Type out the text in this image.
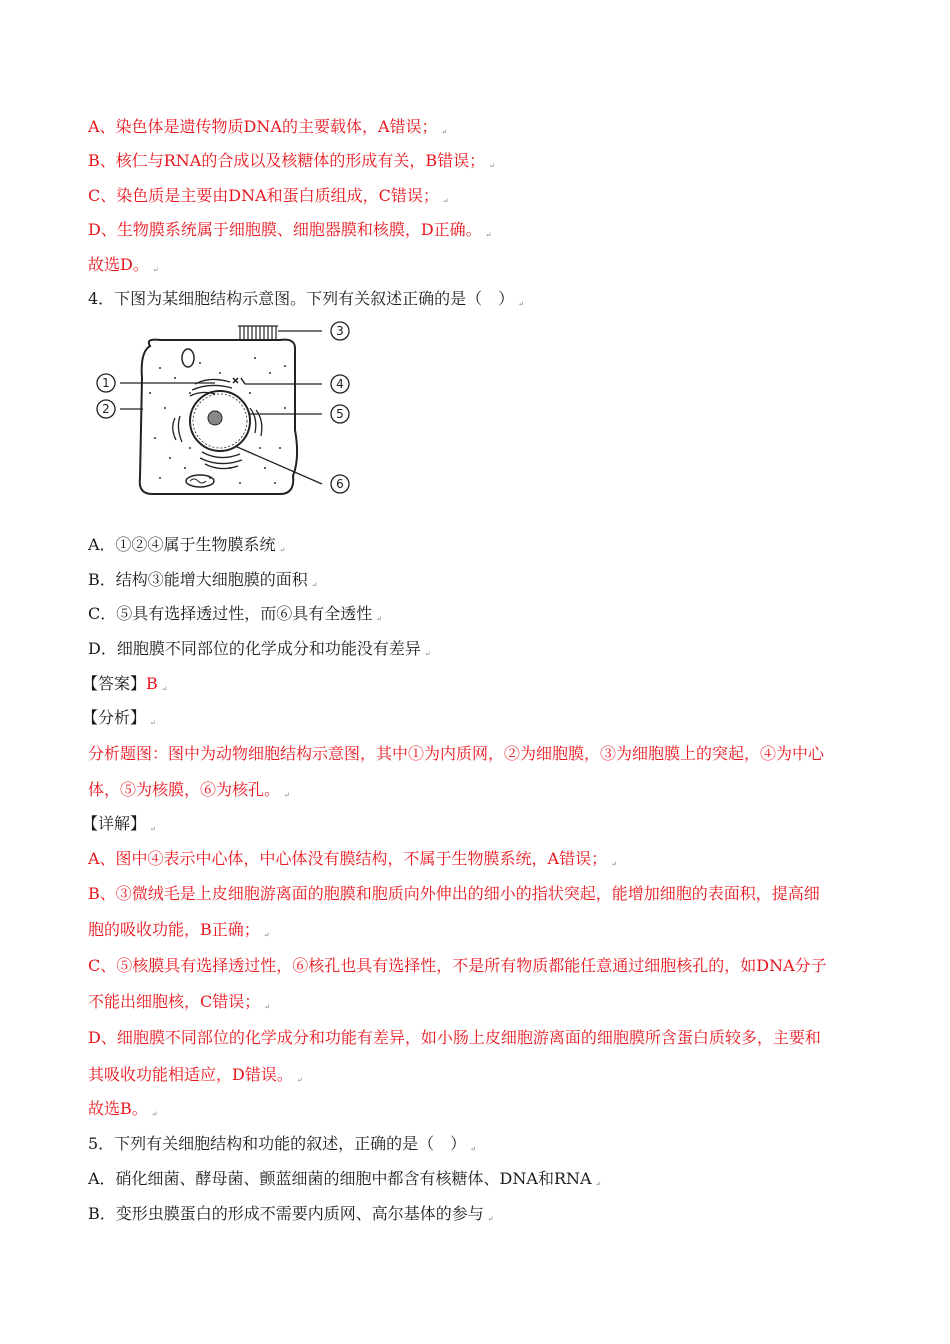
A、染色体是遗传物质DNA的主要载体，A错误； ↵
B、核仁与RNA的合成以及核糖体的形成有关，B错误； ↵
C、染色质是主要由DNA和蛋白质组成，C错误； ↵
D、生物膜系统属于细胞膜、细胞器膜和核膜，D正确。 ↵
故选D。 ↵
4．下图为某细胞结构示意图。下列有关叙述正确的是（　） ↵
3
1	4
2	5
6
A．①②④属于生物膜系统 ↵
B．结构③能增大细胞膜的面积 ↵
C．⑤具有选择透过性，而⑥具有全透性 ↵
D．细胞膜不同部位的化学成分和功能没有差异 ↵
【答案】B ↵
【分析】 ↵
分析题图：图中为动物细胞结构示意图，其中①为内质网，②为细胞膜，③为细胞膜上的突起，④为中心
体，⑤为核膜，⑥为核孔。 ↵
【详解】 ↵
A、图中④表示中心体，中心体没有膜结构，不属于生物膜系统，A错误； ↵
B、③微绒毛是上皮细胞游离面的胞膜和胞质向外伸出的细小的指状突起，能增加细胞的表面积，提高细
胞的吸收功能，B正确； ↵
C、⑤核膜具有选择透过性，⑥核孔也具有选择性，不是所有物质都能任意通过细胞核孔的，如DNA分子
不能出细胞核，C错误； ↵
D、细胞膜不同部位的化学成分和功能有差异，如小肠上皮细胞游离面的细胞膜所含蛋白质较多，主要和
其吸收功能相适应，D错误。 ↵
故选B。 ↵
5．下列有关细胞结构和功能的叙述，正确的是（　） ↵
A．硝化细菌、酵母菌、颤蓝细菌的细胞中都含有核糖体、DNA和RNA ↵
B．变形虫膜蛋白的形成不需要内质网、高尔基体的参与 ↵
